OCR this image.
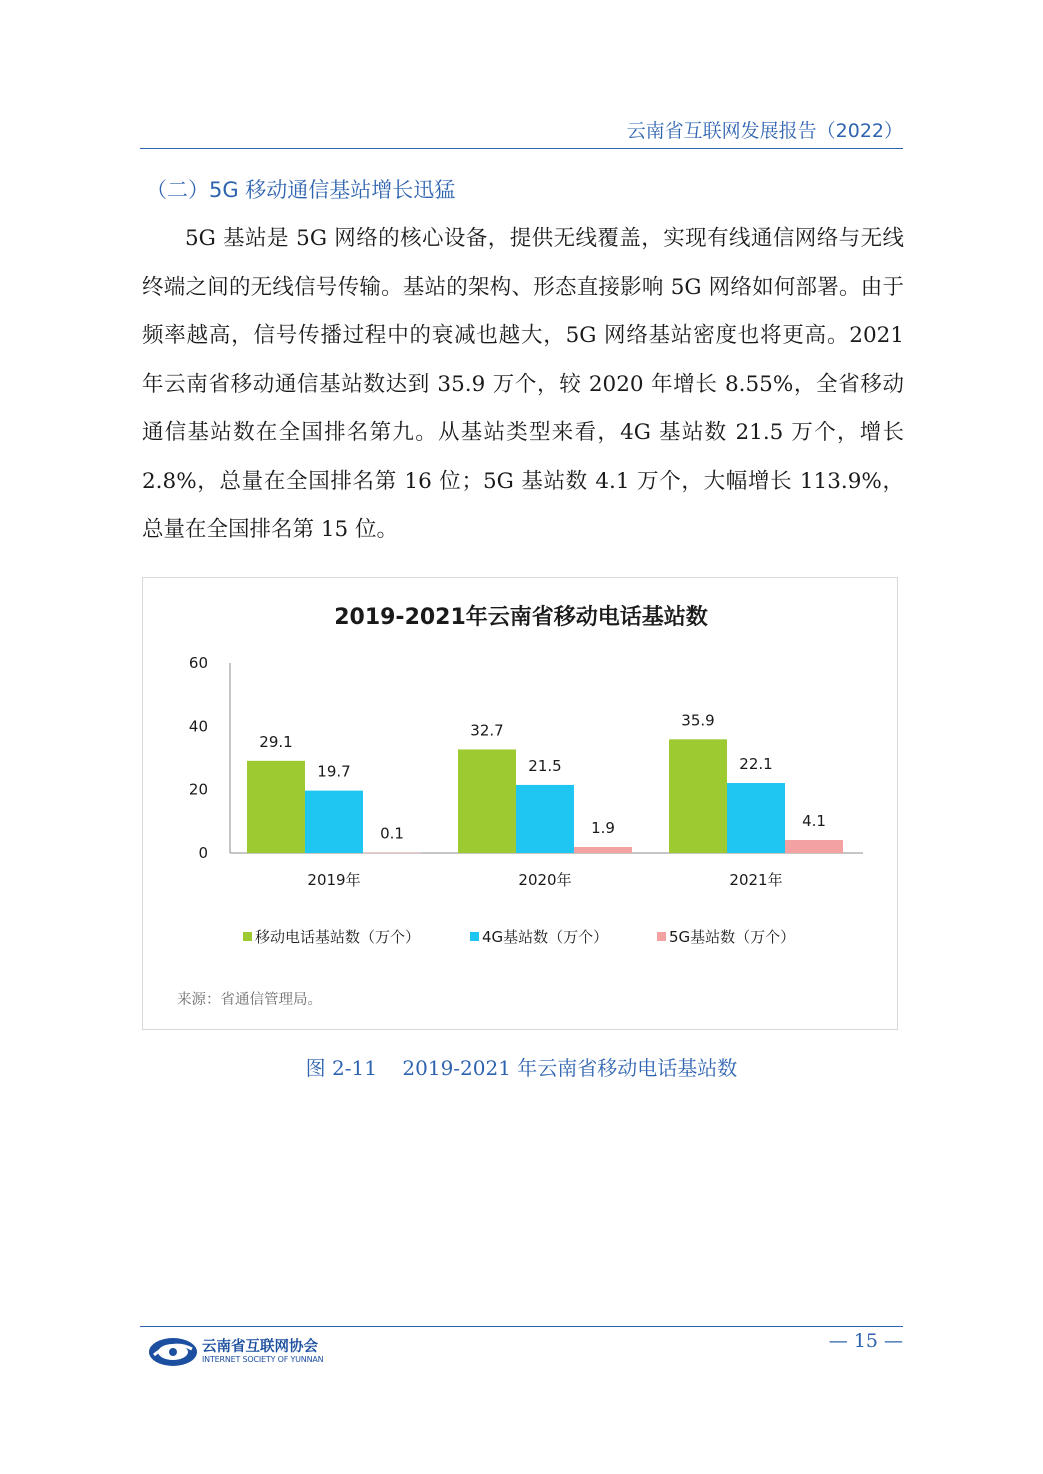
云南省互联网发展报告（2022）
（二）5G 移动通信基站增长迅猛

5G 基站是 5G 网络的核心设备，提供无线覆盖，实现有线通信网络与无线终端之间的无线信号传输。基站的架构、形态直接影响 5G 网络如何部署。由于频率越高，信号传播过程中的衰减也越大，5G 网络基站密度也将更高。2021 年云南省移动通信基站数达到 35.9 万个，较 2020 年增长 8.55%，全省移动通信基站数在全国排名第九。从基站类型来看，4G 基站数 21.5 万个，增长 2.8%，总量在全国排名第 16 位；5G 基站数 4.1 万个，大幅增长 113.9%，总量在全国排名第 15 位。

2019-2021年云南省移动电话基站数
0
20
40
60
29.1
19.7
0.1
2019年
32.7
21.5
1.9
2020年
35.9
22.1
4.1
2021年
移动电话基站数（万个）	4G基站数（万个）	5G基站数（万个）
来源：省通信管理局。
图 2-11    2019-2021 年云南省移动电话基站数
云南省互联网协会
INTERNET SOCIETY OF YUNNAN
— 15 —
